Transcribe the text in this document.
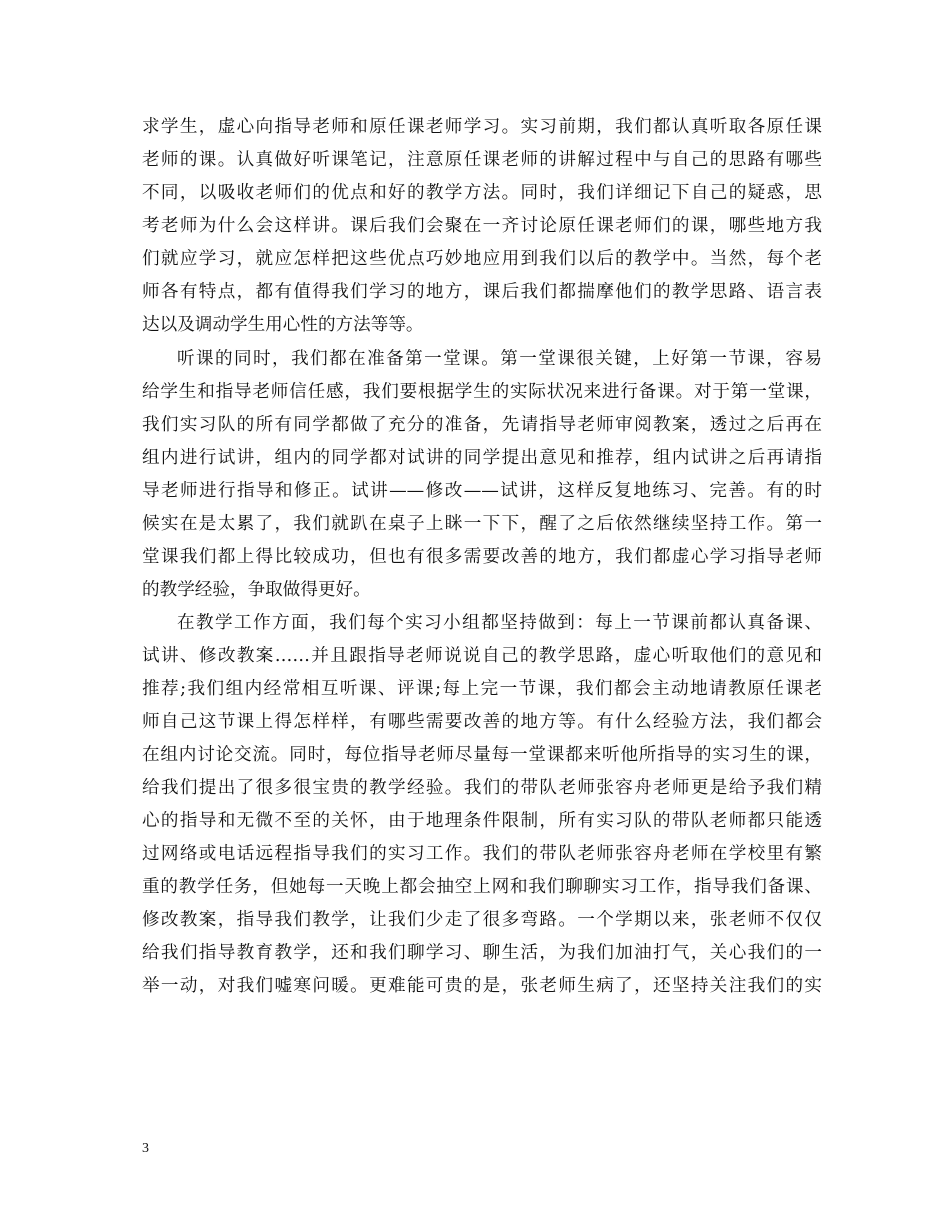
求学生，虚心向指导老师和原任课老师学习。实习前期，我们都认真听取各原任课
老师的课。认真做好听课笔记，注意原任课老师的讲解过程中与自己的思路有哪些
不同，以吸收老师们的优点和好的教学方法。同时，我们详细记下自己的疑惑，思
考老师为什么会这样讲。课后我们会聚在一齐讨论原任课老师们的课，哪些地方我
们就应学习，就应怎样把这些优点巧妙地应用到我们以后的教学中。当然，每个老
师各有特点，都有值得我们学习的地方，课后我们都揣摩他们的教学思路、语言表
达以及调动学生用心性的方法等等。
听课的同时，我们都在准备第一堂课。第一堂课很关键，上好第一节课，容易
给学生和指导老师信任感，我们要根据学生的实际状况来进行备课。对于第一堂课，
我们实习队的所有同学都做了充分的准备，先请指导老师审阅教案，透过之后再在
组内进行试讲，组内的同学都对试讲的同学提出意见和推荐，组内试讲之后再请指
导老师进行指导和修正。试讲——修改——试讲，这样反复地练习、完善。有的时
候实在是太累了，我们就趴在桌子上眯一下下，醒了之后依然继续坚持工作。第一
堂课我们都上得比较成功，但也有很多需要改善的地方，我们都虚心学习指导老师
的教学经验，争取做得更好。
在教学工作方面，我们每个实习小组都坚持做到：每上一节课前都认真备课、
试讲、修改教案……并且跟指导老师说说自己的教学思路，虚心听取他们的意见和
推荐;我们组内经常相互听课、评课;每上完一节课，我们都会主动地请教原任课老
师自己这节课上得怎样样，有哪些需要改善的地方等。有什么经验方法，我们都会
在组内讨论交流。同时，每位指导老师尽量每一堂课都来听他所指导的实习生的课，
给我们提出了很多很宝贵的教学经验。我们的带队老师张容舟老师更是给予我们精
心的指导和无微不至的关怀，由于地理条件限制，所有实习队的带队老师都只能透
过网络或电话远程指导我们的实习工作。我们的带队老师张容舟老师在学校里有繁
重的教学任务，但她每一天晚上都会抽空上网和我们聊聊实习工作，指导我们备课、
修改教案，指导我们教学，让我们少走了很多弯路。一个学期以来，张老师不仅仅
给我们指导教育教学，还和我们聊学习、聊生活，为我们加油打气，关心我们的一
举一动，对我们嘘寒问暖。更难能可贵的是，张老师生病了，还坚持关注我们的实
3
